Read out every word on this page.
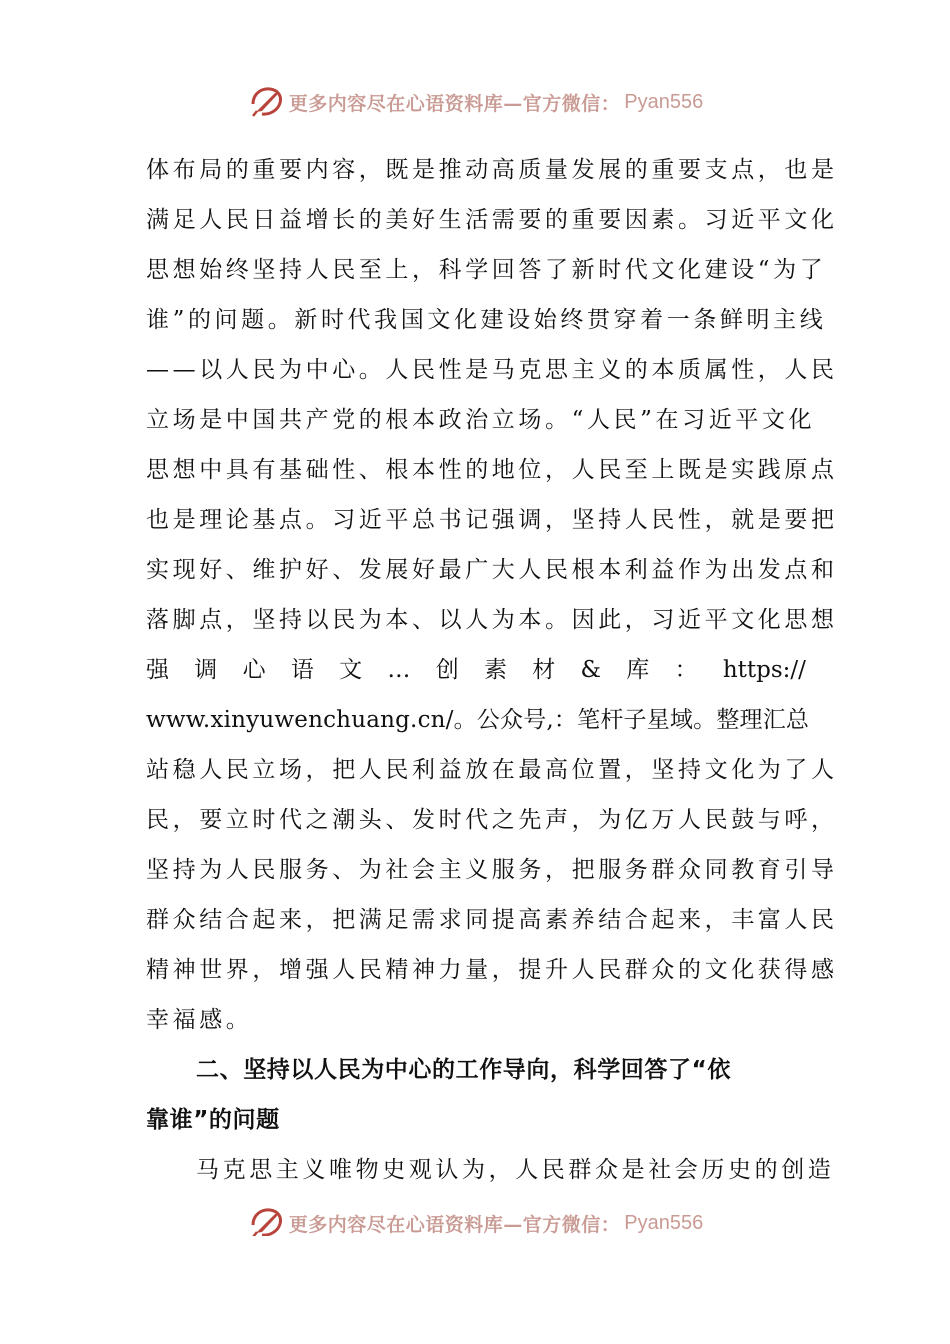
更多内容尽在心语资料库—官方微信： Pyan556
体布局的重要内容，既是推动高质量发展的重要支点，也是
满足人民日益增长的美好生活需要的重要因素。习近平文化
思想始终坚持人民至上，科学回答了新时代文化建设“为了
谁”的问题。新时代我国文化建设始终贯穿着一条鲜明主线
——以人民为中心。人民性是马克思主义的本质属性，人民
立场是中国共产党的根本政治立场。“人民”在习近平文化
思想中具有基础性、根本性的地位，人民至上既是实践原点
也是理论基点。习近平总书记强调，坚持人民性，就是要把
实现好、维护好、发展好最广大人民根本利益作为出发点和
落脚点，坚持以民为本、以人为本。因此，习近平文化思想
强 调 心 语 文 … 创 素 材 & 库 ： https://
www.xinyuwenchuang.cn/。公众号,：笔杆子星域。整理汇总
站稳人民立场，把人民利益放在最高位置，坚持文化为了人
民，要立时代之潮头、发时代之先声，为亿万人民鼓与呼，
坚持为人民服务、为社会主义服务，把服务群众同教育引导
群众结合起来，把满足需求同提高素养结合起来，丰富人民
精神世界，增强人民精神力量，提升人民群众的文化获得感
幸福感。
二、坚持以人民为中心的工作导向，科学回答了“依
靠谁”的问题
马克思主义唯物史观认为，人民群众是社会历史的创造
更多内容尽在心语资料库—官方微信： Pyan556
